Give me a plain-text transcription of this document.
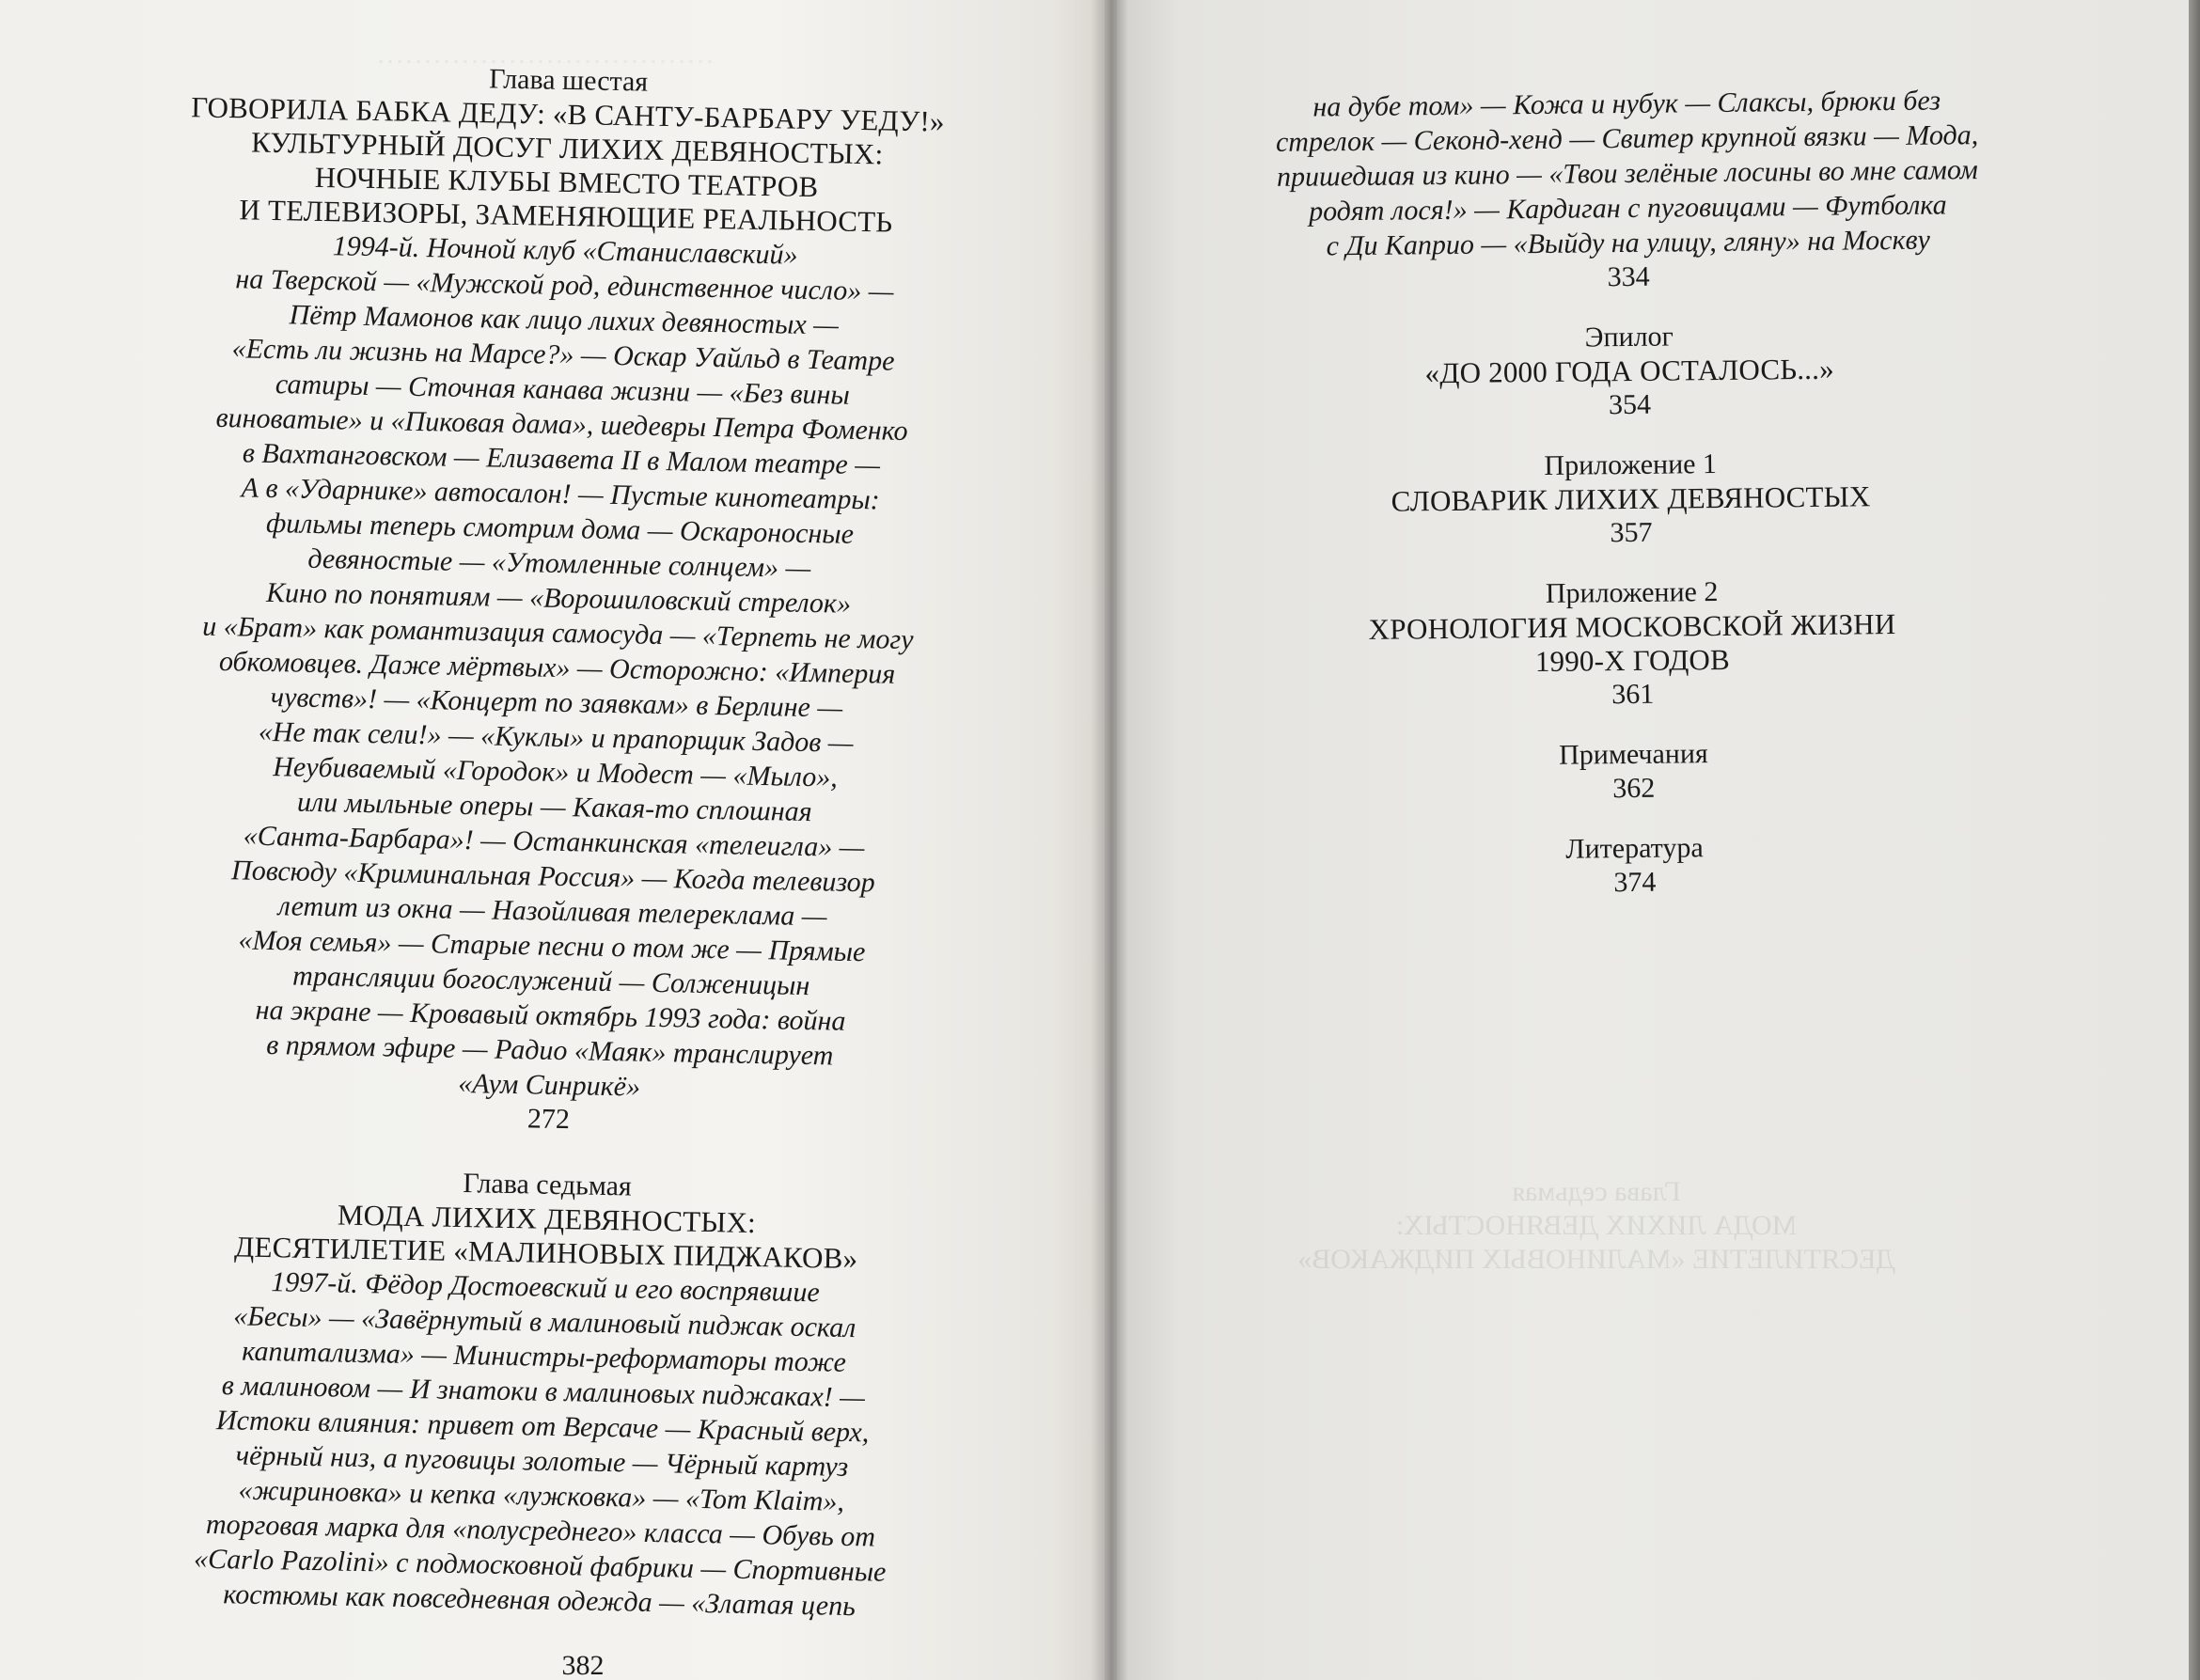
………………………………
Глава шестая
ГОВОРИЛА БАБКА ДЕДУ: «В САНТУ-БАРБАРУ УЕДУ!»
КУЛЬТУРНЫЙ ДОСУГ ЛИХИХ ДЕВЯНОСТЫХ:
НОЧНЫЕ КЛУБЫ ВМЕСТО ТЕАТРОВ
И ТЕЛЕВИЗОРЫ, ЗАМЕНЯЮЩИЕ РЕАЛЬНОСТЬ
1994-й. Ночной клуб «Станиславский»
на Тверской — «Мужской род, единственное число» —
Пётр Мамонов как лицо лихих девяностых —
«Есть ли жизнь на Марсе?» — Оскар Уайльд в Театре
сатиры — Сточная канава жизни — «Без вины
виноватые» и «Пиковая дама», шедевры Петра Фоменко
в Вахтанговском — Елизавета II в Малом театре —
А в «Ударнике» автосалон! — Пустые кинотеатры:
фильмы теперь смотрим дома — Оскароносные
девяностые — «Утомленные солнцем» —
Кино по понятиям — «Ворошиловский стрелок»
и «Брат» как романтизация самосуда — «Терпеть не могу
обкомовцев. Даже мёртвых» — Осторожно: «Империя
чувств»! — «Концерт по заявкам» в Берлине —
«Не так сели!» — «Куклы» и прапорщик Задов —
Неубиваемый «Городок» и Модест — «Мыло»,
или мыльные оперы — Какая-то сплошная
«Санта-Барбара»! — Останкинская «телеигла» —
Повсюду «Криминальная Россия» — Когда телевизор
летит из окна — Назойливая телереклама —
«Моя семья» — Старые песни о том же — Прямые
трансляции богослужений — Солженицын
на экране — Кровавый октябрь 1993 года: война
в прямом эфире — Радио «Маяк» транслирует
«Аум Синрикё»
272
Глава седьмая
МОДА ЛИХИХ ДЕВЯНОСТЫХ:
ДЕСЯТИЛЕТИЕ «МАЛИНОВЫХ ПИДЖАКОВ»
1997-й. Фёдор Достоевский и его воспрявшие
«Бесы» — «Завёрнутый в малиновый пиджак оскал
капитализма» — Министры-реформаторы тоже
в малиновом — И знатоки в малиновых пиджаках! —
Истоки влияния: привет от Версаче — Красный верх,
чёрный низ, а пуговицы золотые — Чёрный картуз
«жириновка» и кепка «лужковка» — «Tom Klaim»,
торговая марка для «полусреднего» класса — Обувь от
«Carlo Pazolini» с подмосковной фабрики — Спортивные
костюмы как повседневная одежда — «Златая цепь
382
Глава седьмая
МОДА ЛИХИХ ДЕВЯНОСТЫХ:
ДЕСЯТИЛЕТИЕ «МАЛИНОВЫХ ПИДЖАКОВ»
на дубе том» — Кожа и нубук — Слаксы, брюки без
стрелок — Секонд-хенд — Свитер крупной вязки — Мода,
пришедшая из кино — «Твои зелёные лосины во мне самом
родят лося!» — Кардиган с пуговицами — Футболка
с Ди Каприо — «Выйду на улицу, гляну» на Москву
334
Эпилог
«ДО 2000 ГОДА ОСТАЛОСЬ...»
354
Приложение 1
СЛОВАРИК ЛИХИХ ДЕВЯНОСТЫХ
357
Приложение 2
ХРОНОЛОГИЯ МОСКОВСКОЙ ЖИЗНИ
1990-Х ГОДОВ
361
Примечания
362
Литература
374
